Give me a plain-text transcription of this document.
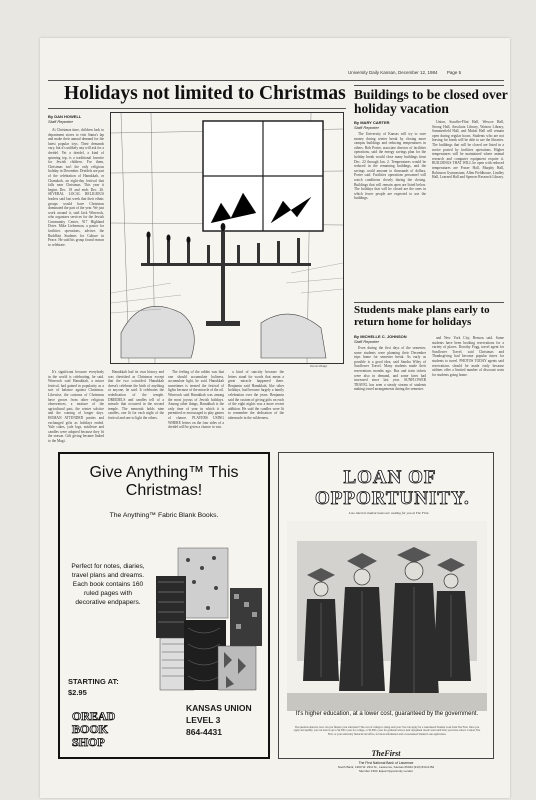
University Daily Kansan, December 12, 1984 Page 5
Holidays not limited to Christmas
By DAN HOWELL
Staff Reporter

At Christmas time, children look to department stores to visit Santa's lap and make their annual demand for the latest popular toys. Their demands vary, but it's unlikely any will ask for a dreidel. Yet a dreidel, a kind of spinning top, is a traditional favorite for Jewish children. For them, Christmas isn't the only religious holiday in December. Dreidels are part of the celebration of Hanukkah, or Chanukah, an eight-day festival that falls near Christmas. This year it begins Dec. 18 and ends Dec. 26. SEVERAL LOCAL RELIGIOUS leaders said last week that their ethnic groups would have Christmas dominated the part of the year. We just work around it, said Jack Winerock, who organizes services for the Jewish Community Center, 917 Highland Drive. Mike Lieberman, a pastor for facilities operations, advises the Buddhist Students for Culture in Peace. He said his group found reason to celebrate.

It's significant because everybody in the world is celebrating, he said. Winerock said Hanukkah, a minor festival, had gained in popularity as a sort of balance against Christmas. Likewise, the customs of Christmas have grown from other religious observances, a mixture of the agricultural past, the winter solstice and the coming of longer days. HOMAN ATTENDED parties and exchanged gifts as holidays ended. Yule cakes, yule logs, mistletoe and candles were adopted because they fit the season. Gift giving became linked to the Magi.

Hanukkah had its own history and was cherished as Christmas except that the two coincided. Hanukkah doesn't celebrate the birth of anything or anyone, he said. It celebrates the rededication of the temple. DREIDELS and candles tell of a miracle that occurred in the second temple. The menorah holds nine candles, one lit for each night of the festival and one to light the others.

The feeling of the rabbis was that one should accumulate holiness, accumulate light, he said. Hanukkah sometimes is termed the festival of lights because of the miracle of the oil. Winerock said Hanukkah was among the most joyous of Jewish holidays. Among other things, Hanukkah is the only time of year in which it is permitted or encouraged to play games of chance. PLAYERS USING WHERE letters on the four sides of a dreidel will be given a chance to win.

a kind of sanctity because the letters stand for words that mean a great miracle happened there. Benjamin said Hanukkah, like other holidays, had become largely a family celebration over the years. Benjamin said the custom of giving gifts on each of the eight nights was a more recent addition. He said the candles were lit to remember the dedication of the tabernacle in the wilderness.

Dennis Hodge
Buildings to be closed over holiday vacation
By MARY CARTER
Staff Reporter

The University of Kansas will try to save money during winter break by closing more campus buildings and reducing temperatures in others. Bob Porter, associate director of facilities operations, said the energy savings plan for the holiday break would close many buildings from Dec. 22 through Jan. 2. Temperatures would be reduced in the remaining buildings, and the savings could amount to thousands of dollars, Porter said. Facilities operations personnel will watch conditions closely during the closing. Buildings that will remain open are listed below. The holidays that will be closed are the ones in which fewer people are expected to use the buildings.

Union, Stauffer-Flint Hall, Wescoe Hall, Strong Hall, Anschutz Library, Watson Library, Summerfield Hall, and Malott Hall will remain open during regular hours. Students who are not leaving for break will be able to use the libraries. The buildings that will be closed are listed in a notice posted by facilities operations. Higher temperatures will be maintained where animal research and computer equipment require it. BUILDINGS THAT WILL be open with reduced temperatures are Fraser Hall, Murphy Hall, Robinson Gymnasium, Allen Fieldhouse, Lindley Hall, Learned Hall and Spencer Research Library.

Students make plans early to return home for holidays
By MICHELLE C. JOHNSON
Staff Reporter

Even during the first days of the semester, some students were planning their December trips home for semester break. As early as possible is a good idea, said Sandra Wiley of Sunflower Travel. Many students made their reservations months ago. Bus and train tickets were also in demand, and some fares had increased since last year. SUNFLOWER TRAVEL has seen a steady stream of students making travel arrangements during the semester.

and New York City, Benson said. Some students have been booking reservations for a variety of places. Dorothy Fogg, travel agent for Sunflower Travel, said Christmas and Thanksgiving had become popular times for students to travel. PHOTOS TODAY agents said reservations should be made early because airlines offer a limited number of discount seats for students going home.

Give Anything™ This Christmas!
The Anything™ Fabric Blank Books.
Perfect for notes, diaries, travel plans and dreams. Each book contains 160 ruled pages with decorative endpapers.
STARTING AT:
$2.95
OREAD
BOOK
SHOP
KANSAS UNION
LEVEL 3
864-4431
LOAN OF OPPORTUNITY.
Low-interest student loans are waiting for you at The First.
It's higher education, at a lower cost, guaranteed by the government.
The question ahead is, how can you finance your education? The cost of college is rising each year. You can apply for a Guaranteed Student Loan from The First. Once you apply and qualify, you can borrow up to $2,500 a year for college, or $5,000 a year for graduate school. And repayment doesn't start until after you leave school. Contact The First, or your university financial aid office, for more information and a Guaranteed Student Loan application.
TheFirst
The First National Bank of Lawrence
South Bank, 1300 W. 23rd St., Lawrence, Kansas 66044 (913) 843-0152
Member FDIC Equal Opportunity Lender
